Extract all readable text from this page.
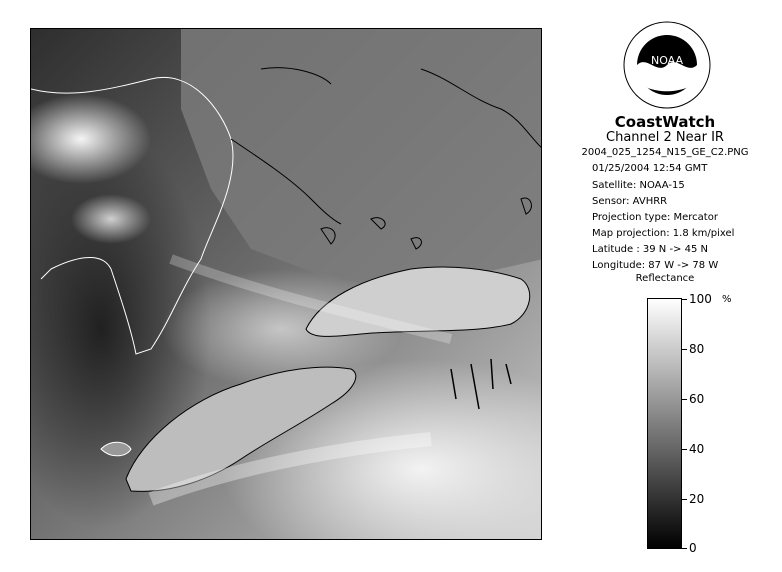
NOAA
CoastWatch
Channel 2 Near IR
2004_025_1254_N15_GE_C2.PNG
01/25/2004 12:54 GMT
Satellite: NOAA-15
Sensor: AVHRR
Projection type: Mercator
Map projection: 1.8 km/pixel
Latitude : 39 N -> 45 N
Longitude: 87 W -> 78 W
Reflectance
%
100
80
60
40
20
0
